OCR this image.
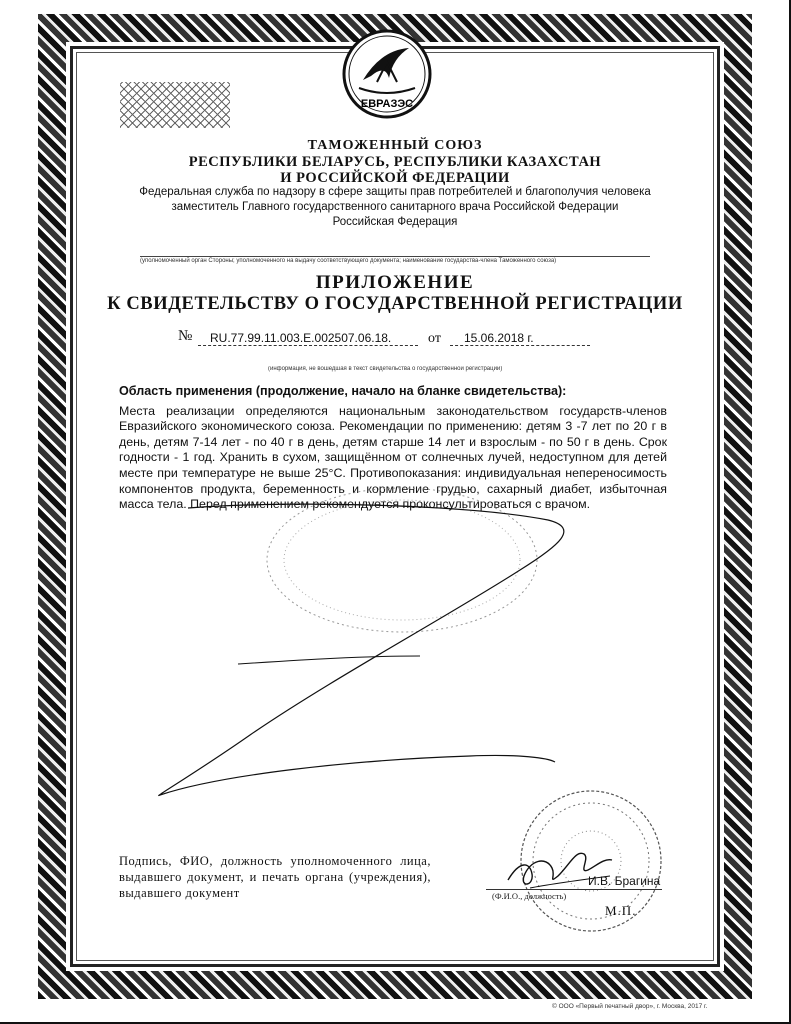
ЕВРАЗЭС
ТАМОЖЕННЫЙ СОЮЗ
РЕСПУБЛИКИ БЕЛАРУСЬ, РЕСПУБЛИКИ КАЗАХСТАН
И РОССИЙСКОЙ ФЕДЕРАЦИИ
Федеральная служба по надзору в сфере защиты прав потребителей и благополучия человека
заместитель Главного государственного санитарного врача Российской Федерации
Российская Федерация
(уполномоченный орган Стороны; уполномоченного на выдачу соответствующего документа; наименование государства-члена Таможенного союза)
ПРИЛОЖЕНИЕ
К СВИДЕТЕЛЬСТВУ О ГОСУДАРСТВЕННОЙ РЕГИСТРАЦИИ
№	RU.77.99.11.003.E.002507.06.18.	от	15.06.2018 г.
(информация, не вошедшая в текст свидетельства о государственной регистрации)
Область применения (продолжение, начало на бланке свидетельства):
Места реализации определяются национальным законодательством государств-членов Евразийского экономического союза. Рекомендации по применению: детям 3 -7 лет по 20 г в день, детям 7-14 лет - по 40 г в день, детям старше 14 лет и взрослым - по 50 г в день. Срок годности - 1 год. Хранить в сухом, защищённом от солнечных лучей, недоступном для детей месте при температуре не выше 25°С. Противопоказания: индивидуальная непереносимость компонентов продукта, беременность и кормление грудью, сахарный диабет, избыточная масса тела. Перед применением рекомендуется проконсультироваться с врачом.
Подпись, ФИО, должность уполномоченного лица, выдавшего документ, и печать органа (учреждения), выдавшего документ
И.В. Брагина
(Ф.И.О., должность)
М.П.
© ООО «Первый печатный двор», г. Москва, 2017 г.
